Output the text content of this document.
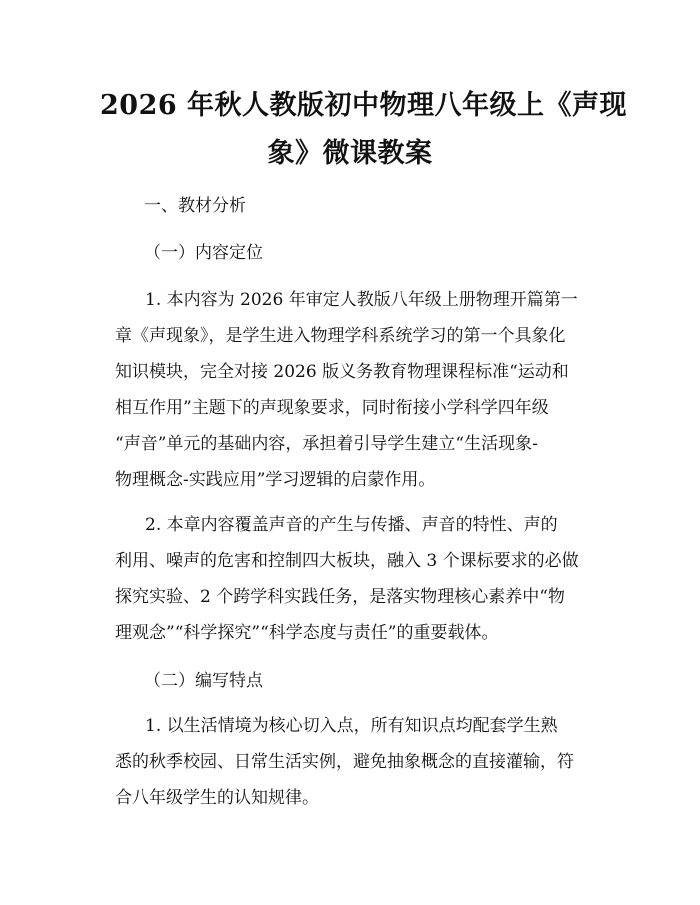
2026 年秋人教版初中物理八年级上《声现
象》微课教案
一、教材分析
（一）内容定位
1. 本内容为 2026 年审定人教版八年级上册物理开篇第一
章《声现象》，是学生进入物理学科系统学习的第一个具象化
知识模块，完全对接 2026 版义务教育物理课程标准“运动和
相互作用”主题下的声现象要求，同时衔接小学科学四年级
“声音”单元的基础内容，承担着引导学生建立“生活现象-
物理概念-实践应用”学习逻辑的启蒙作用。
2. 本章内容覆盖声音的产生与传播、声音的特性、声的
利用、噪声的危害和控制四大板块，融入 3 个课标要求的必做
探究实验、2 个跨学科实践任务，是落实物理核心素养中“物
理观念”“科学探究”“科学态度与责任”的重要载体。
（二）编写特点
1. 以生活情境为核心切入点，所有知识点均配套学生熟
悉的秋季校园、日常生活实例，避免抽象概念的直接灌输，符
合八年级学生的认知规律。
